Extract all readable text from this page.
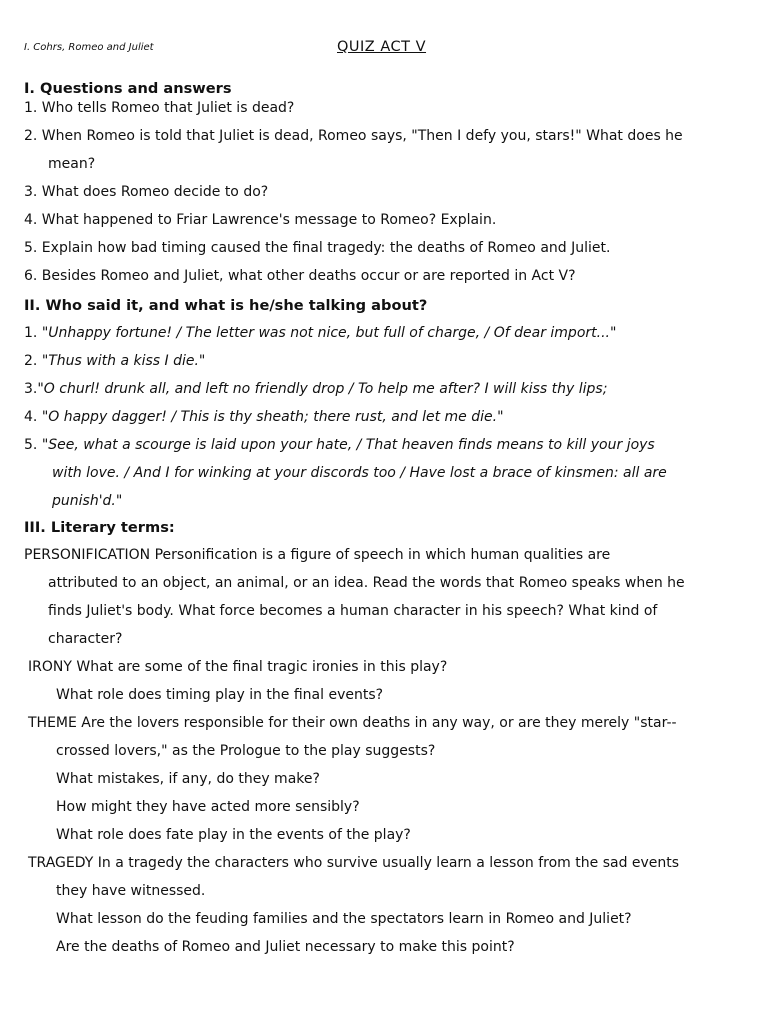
I. Cohrs, Romeo and Juliet	QUIZ ACT V
I. Questions and answers
1. Who tells Romeo that Juliet is dead?
2. When Romeo is told that Juliet is dead, Romeo says, "Then I defy you, stars!" What does he
mean?
3. What does Romeo decide to do?
4. What happened to Friar Lawrence's message to Romeo? Explain.
5. Explain how bad timing caused the final tragedy: the deaths of Romeo and Juliet.
6. Besides Romeo and Juliet, what other deaths occur or are reported in Act V?
II. Who said it, and what is he/she talking about?
1. "Unhappy fortune! / The letter was not nice, but full of charge, / Of dear import..."
2. "Thus with a kiss I die."
3."O churl! drunk all, and left no friendly drop / To help me after? I will kiss thy lips;
4. "O happy dagger! / This is thy sheath; there rust, and let me die."
5. "See, what a scourge is laid upon your hate, / That heaven finds means to kill your joys
with love. / And I for winking at your discords too / Have lost a brace of kinsmen: all are
punish'd."
III. Literary terms:
PERSONIFICATION Personification is a figure of speech in which human qualities are
attributed to an object, an animal, or an idea. Read the words that Romeo speaks when he
finds Juliet's body. What force becomes a human character in his speech? What kind of
character?
IRONY What are some of the final tragic ironies in this play?
What role does timing play in the final events?
THEME Are the lovers responsible for their own deaths in any way, or are they merely "star--
crossed lovers," as the Prologue to the play suggests?
What mistakes, if any, do they make?
How might they have acted more sensibly?
What role does fate play in the events of the play?
TRAGEDY In a tragedy the characters who survive usually learn a lesson from the sad events
they have witnessed.
What lesson do the feuding families and the spectators learn in Romeo and Juliet?
Are the deaths of Romeo and Juliet necessary to make this point?
